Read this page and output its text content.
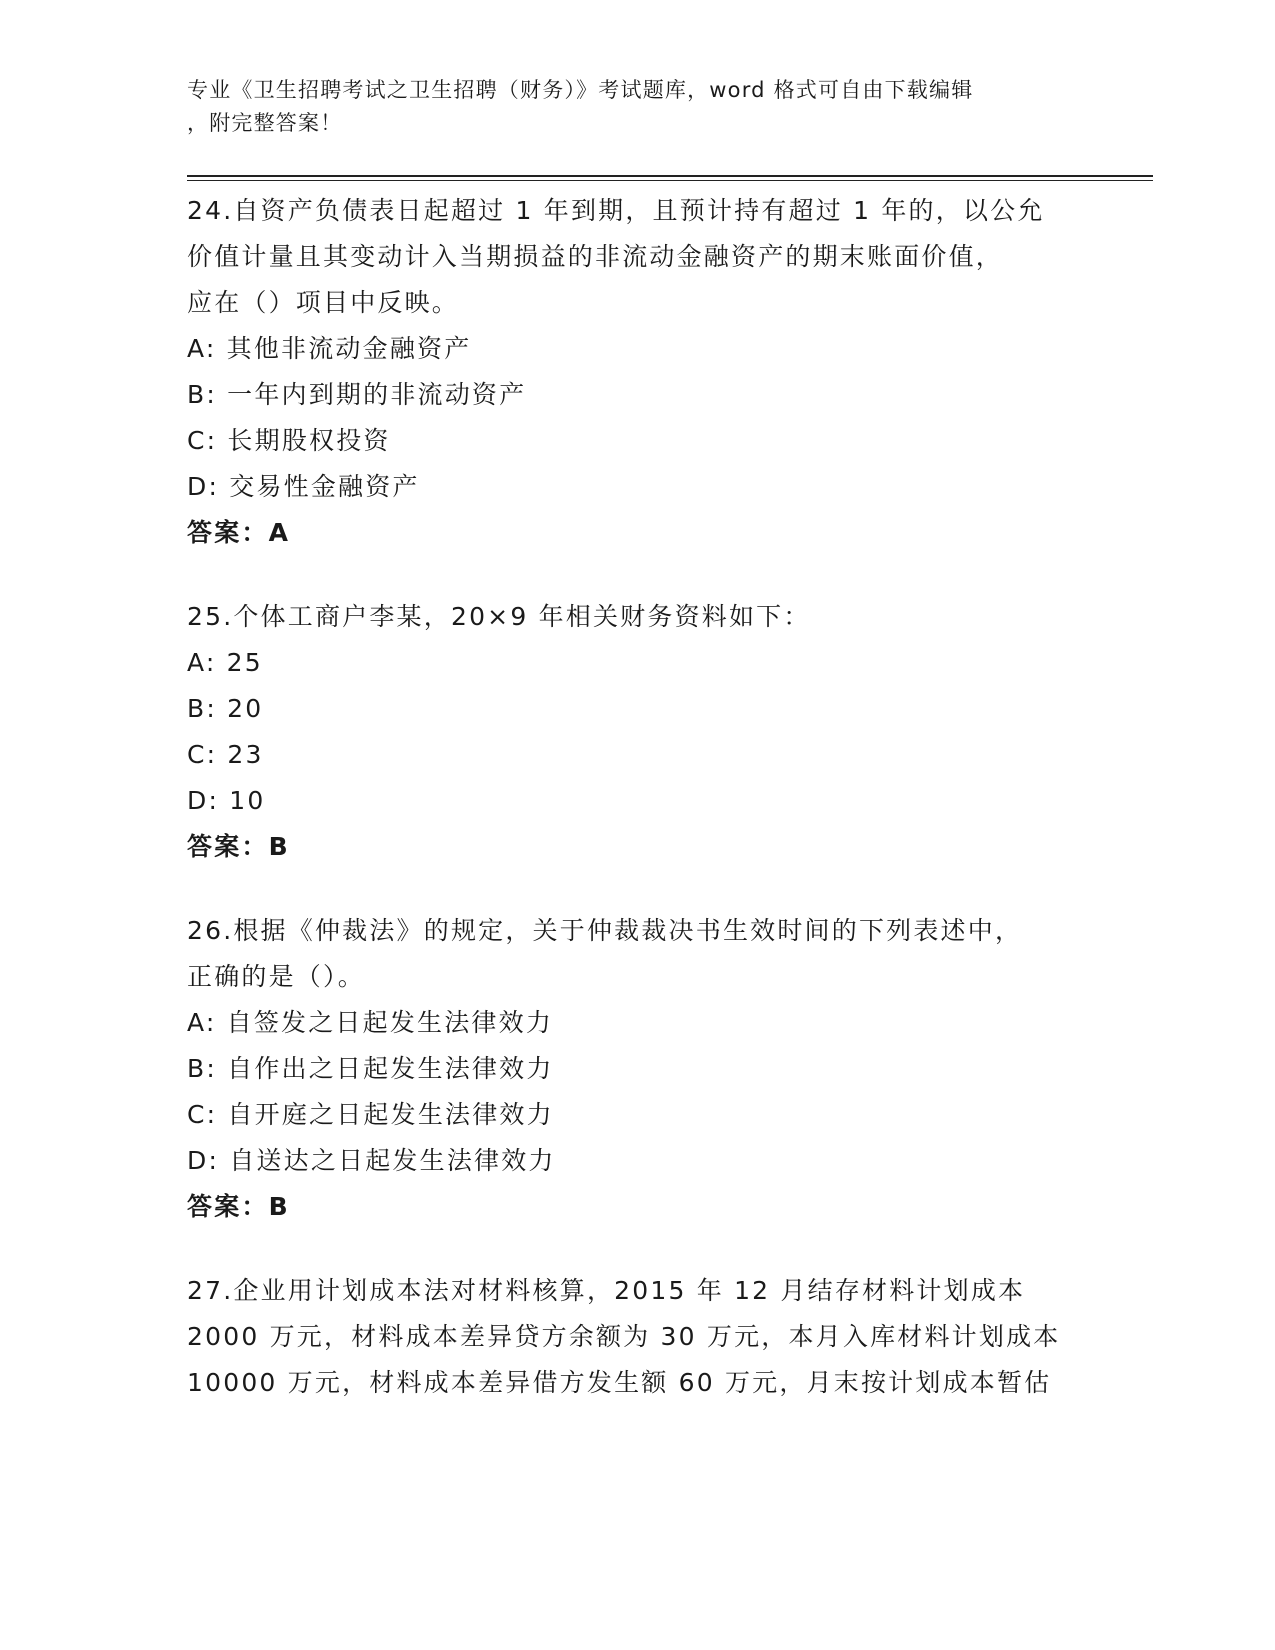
专业《卫生招聘考试之卫生招聘（财务）》考试题库，word 格式可自由下载编辑
，附完整答案！
24.自资产负债表日起超过 1 年到期，且预计持有超过 1 年的，以公允
价值计量且其变动计入当期损益的非流动金融资产的期末账面价值，
应在（）项目中反映。
A: 其他非流动金融资产
B: 一年内到期的非流动资产
C: 长期股权投资
D: 交易性金融资产
答案：A
25.个体工商户李某，20×9 年相关财务资料如下：
A: 25
B: 20
C: 23
D: 10
答案：B
26.根据《仲裁法》的规定，关于仲裁裁决书生效时间的下列表述中，
正确的是（）。
A: 自签发之日起发生法律效力
B: 自作出之日起发生法律效力
C: 自开庭之日起发生法律效力
D: 自送达之日起发生法律效力
答案：B
27.企业用计划成本法对材料核算，2015 年 12 月结存材料计划成本
2000 万元，材料成本差异贷方余额为 30 万元，本月入库材料计划成本
10000 万元，材料成本差异借方发生额 60 万元，月末按计划成本暂估
